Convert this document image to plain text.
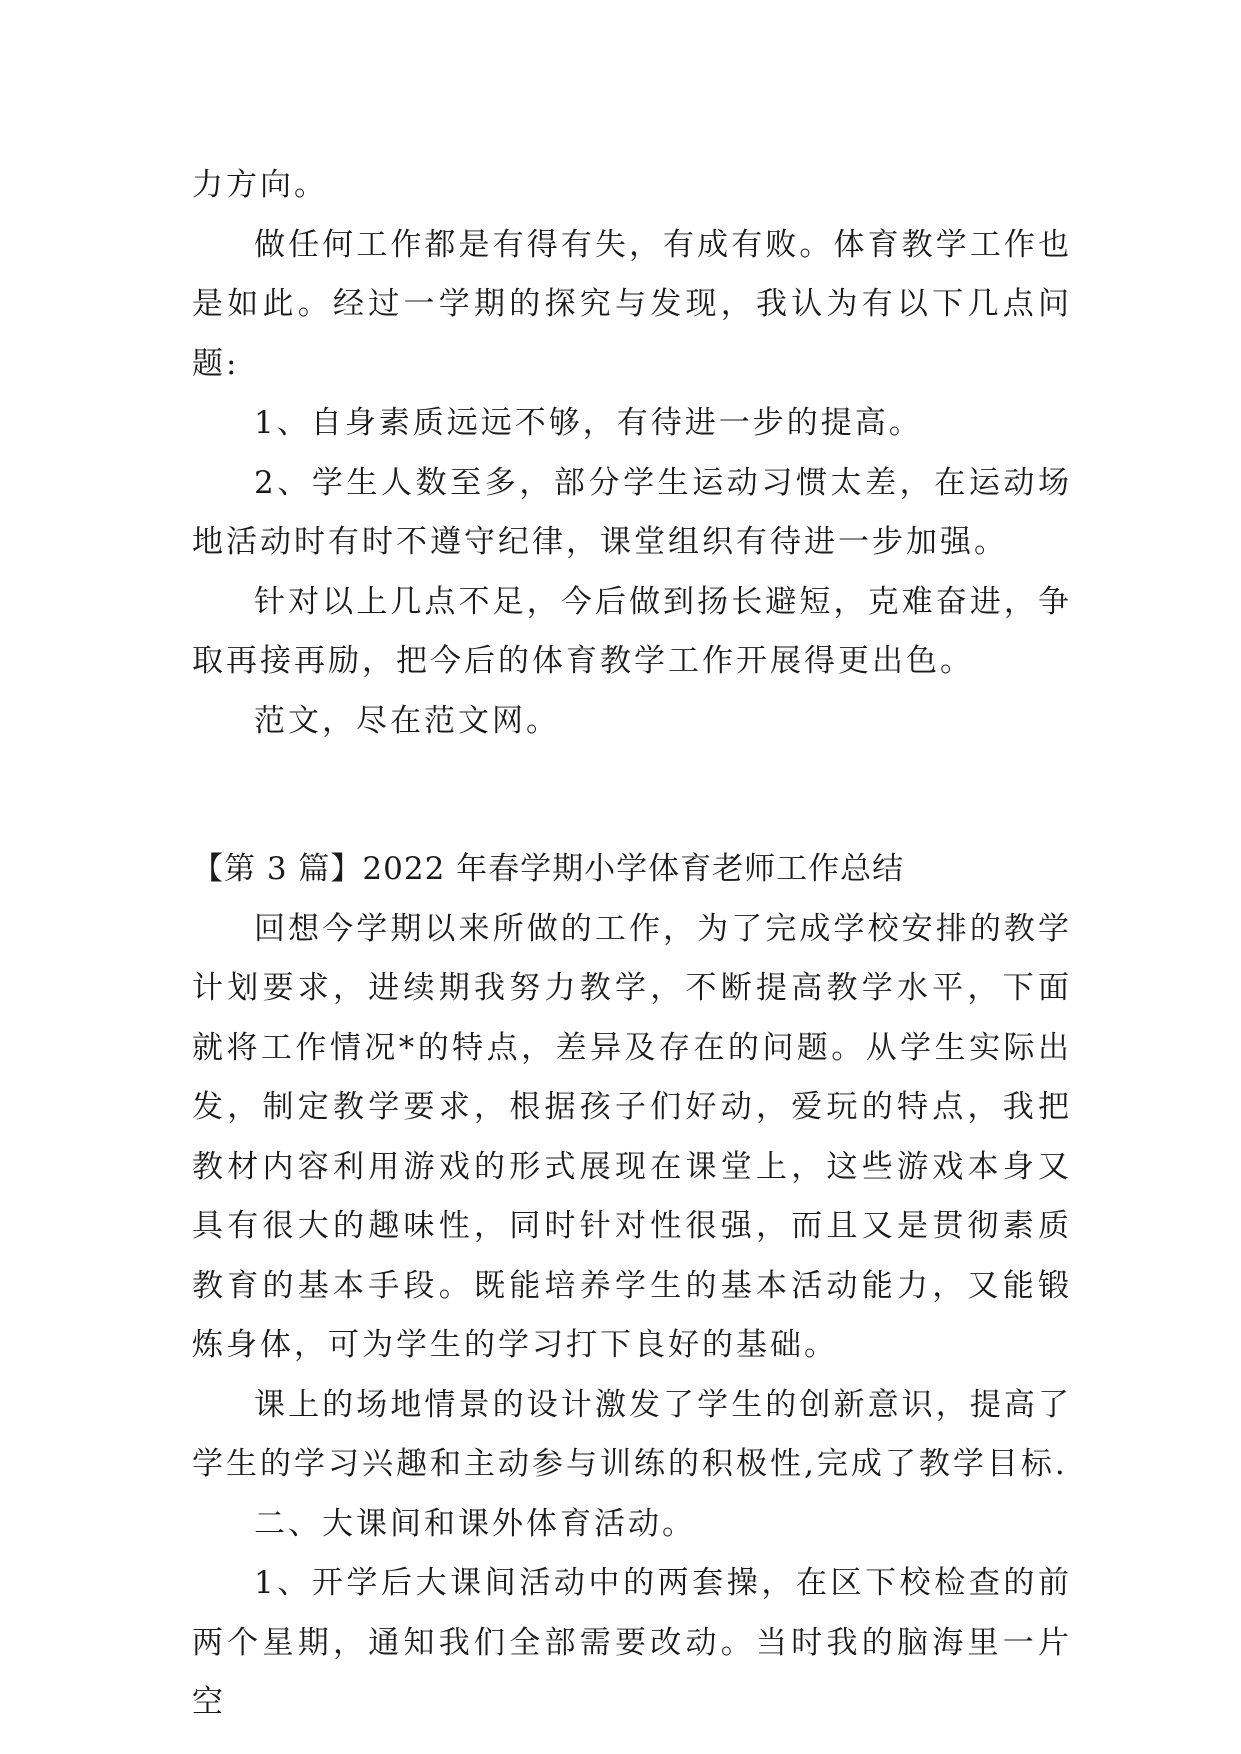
力方向。

做任何工作都是有得有失，有成有败。体育教学工作也是如此。经过一学期的探究与发现，我认为有以下几点问题:

1、自身素质远远不够，有待进一步的提高。

2、学生人数至多，部分学生运动习惯太差，在运动场地活动时有时不遵守纪律，课堂组织有待进一步加强。

针对以上几点不足，今后做到扬长避短，克难奋进，争取再接再励，把今后的体育教学工作开展得更出色。

范文，尽在范文网。

【第 3 篇】2022 年春学期小学体育老师工作总结

回想今学期以来所做的工作，为了完成学校安排的教学计划要求，进续期我努力教学，不断提高教学水平，下面就将工作情况*的特点，差异及存在的问题。从学生实际出发，制定教学要求，根据孩子们好动，爱玩的特点，我把教材内容利用游戏的形式展现在课堂上，这些游戏本身又具有很大的趣味性，同时针对性很强，而且又是贯彻素质教育的基本手段。既能培养学生的基本活动能力，又能锻炼身体，可为学生的学习打下良好的基础。

课上的场地情景的设计激发了学生的创新意识，提高了学生的学习兴趣和主动参与训练的积极性,完成了教学目标.

二、大课间和课外体育活动。

1、开学后大课间活动中的两套操，在区下校检查的前两个星期，通知我们全部需要改动。当时我的脑海里一片空
